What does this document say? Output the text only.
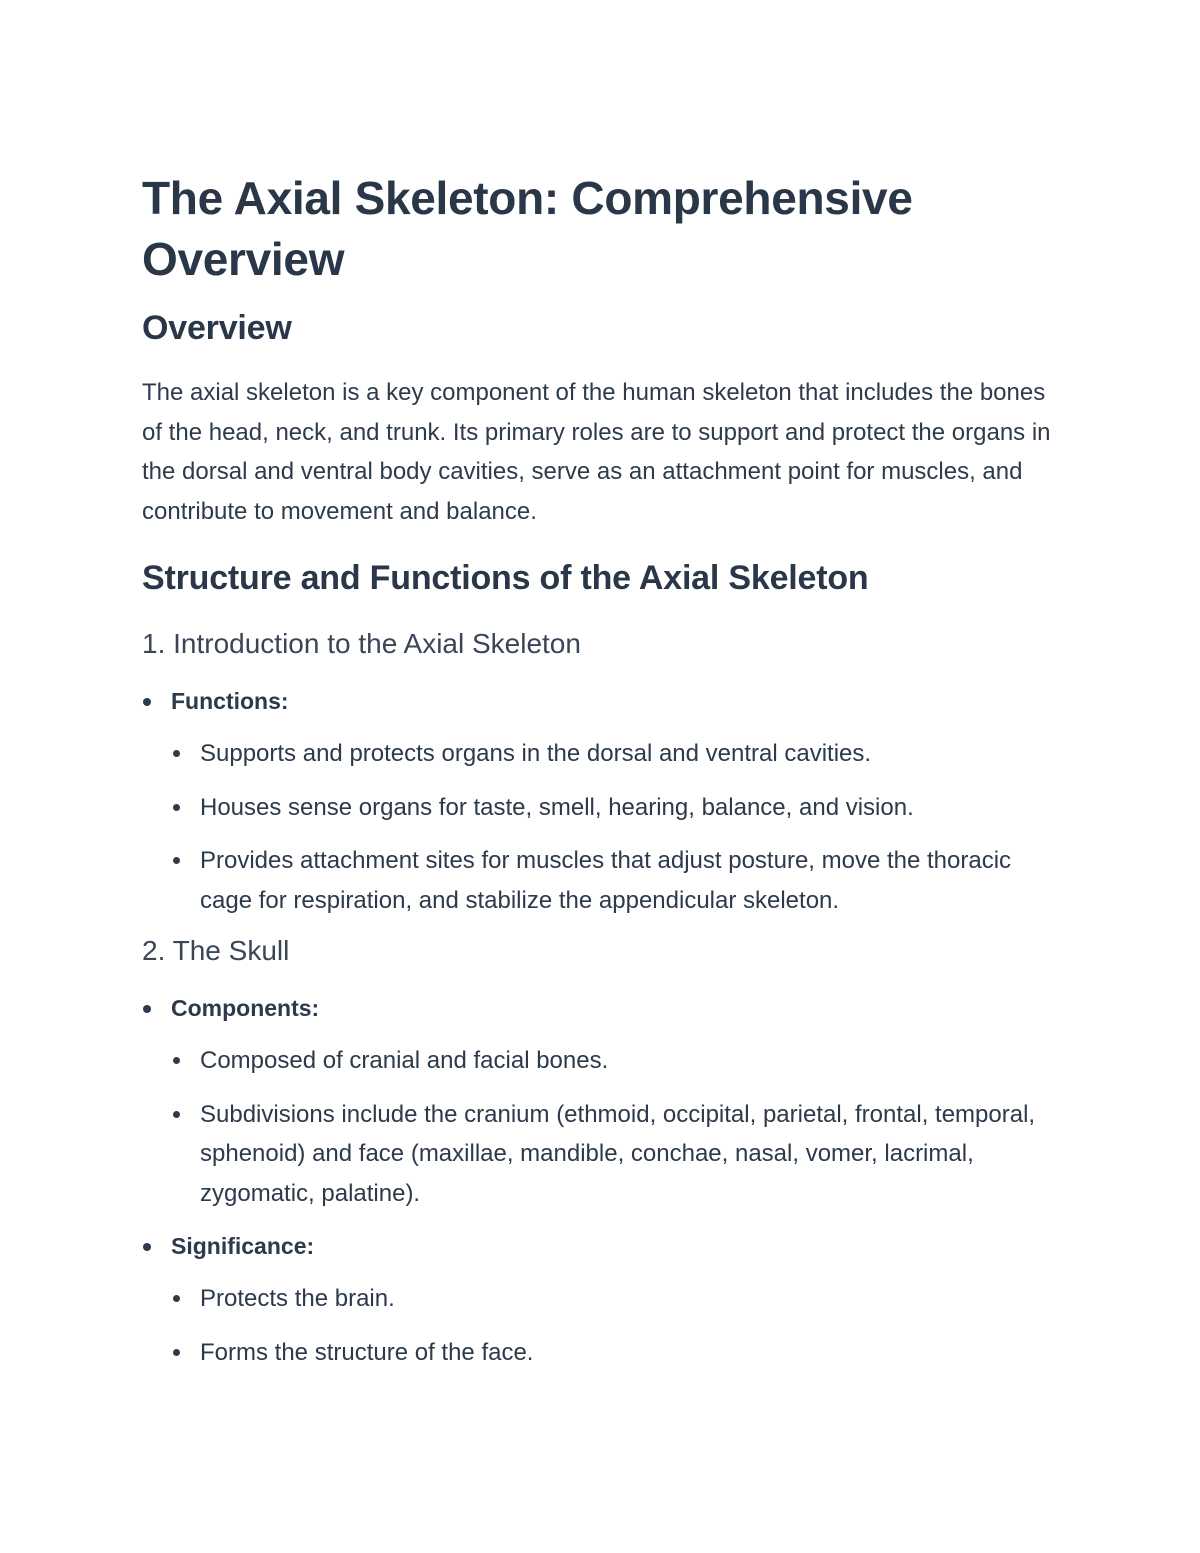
The Axial Skeleton: Comprehensive Overview
Overview

The axial skeleton is a key component of the human skeleton that includes the bones of the head, neck, and trunk. Its primary roles are to support and protect the organs in the dorsal and ventral body cavities, serve as an attachment point for muscles, and contribute to movement and balance.

Structure and Functions of the Axial Skeleton
1. Introduction to the Axial Skeleton
Functions:
Supports and protects organs in the dorsal and ventral cavities.
Houses sense organs for taste, smell, hearing, balance, and vision.
Provides attachment sites for muscles that adjust posture, move the thoracic cage for respiration, and stabilize the appendicular skeleton.
2. The Skull
Components:
Composed of cranial and facial bones.
Subdivisions include the cranium (ethmoid, occipital, parietal, frontal, temporal, sphenoid) and face (maxillae, mandible, conchae, nasal, vomer, lacrimal, zygomatic, palatine).
Significance:
Protects the brain.
Forms the structure of the face.
